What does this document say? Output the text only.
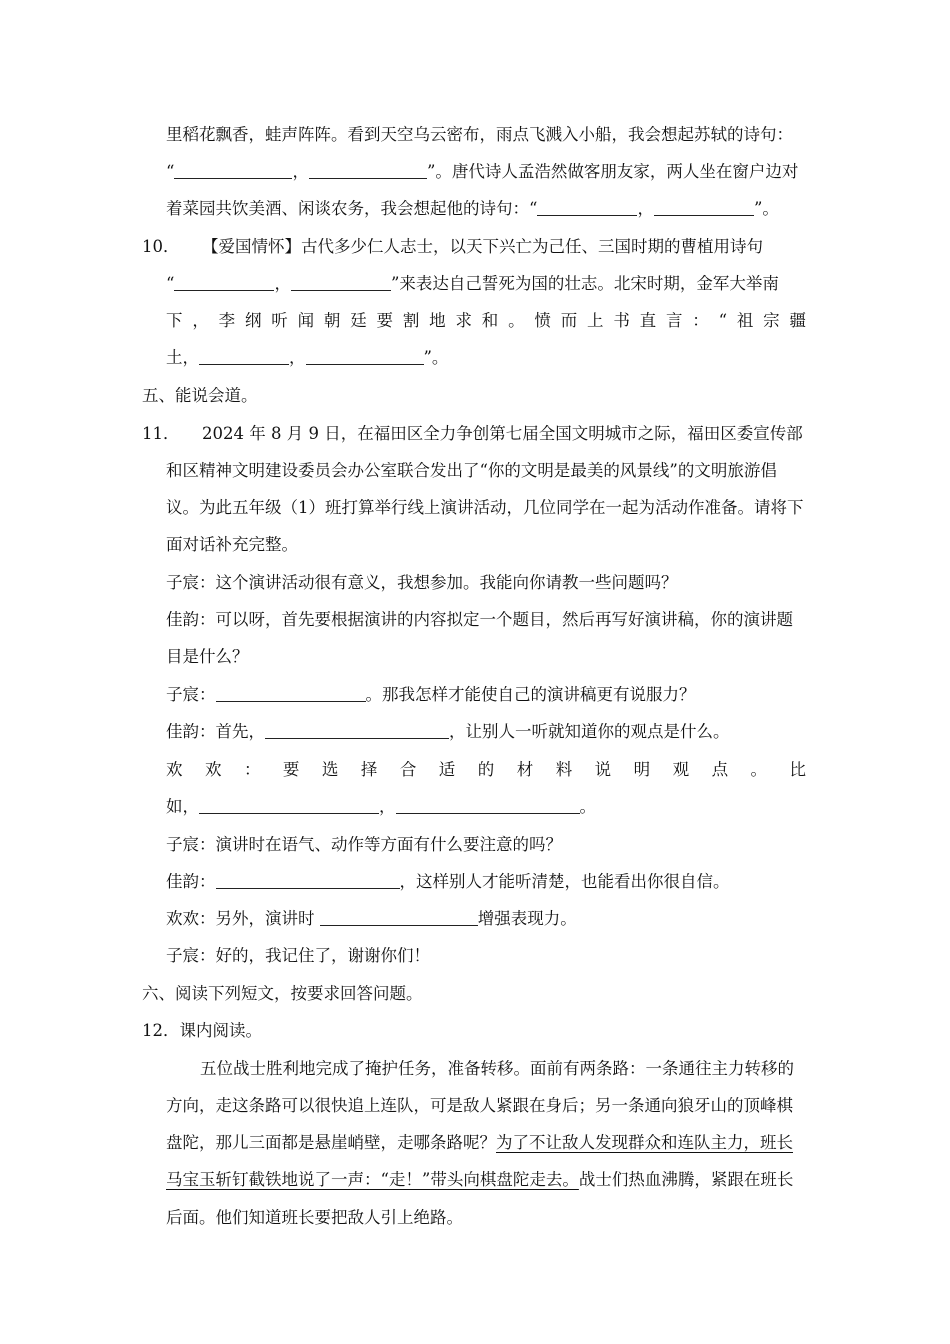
里稻花飘香，蛙声阵阵。看到天空乌云密布，雨点飞溅入小船，我会想起苏轼的诗句：
“	，	”。唐代诗人孟浩然做客朋友家，两人坐在窗户边对
着菜园共饮美酒、闲谈农务，我会想起他的诗句：“	，	”。
10． 【爱国情怀】古代多少仁人志士，以天下兴亡为己任、三国时期的曹植用诗句
“	，	”来表达自己誓死为国的壮志。北宋时期，金军大举南
下，李纲听闻朝廷要割地求和。愤而上书直言：“祖宗疆
土，	，	”。
五、能说会道。
11． 2024 年 8 月 9 日，在福田区全力争创第七届全国文明城市之际，福田区委宣传部
和区精神文明建设委员会办公室联合发出了“你的文明是最美的风景线”的文明旅游倡
议。为此五年级（1）班打算举行线上演讲活动，几位同学在一起为活动作准备。请将下
面对话补充完整。
子宸：这个演讲活动很有意义，我想参加。我能向你请教一些问题吗？
佳韵：可以呀，首先要根据演讲的内容拟定一个题目，然后再写好演讲稿，你的演讲题
目是什么？
子宸：	。那我怎样才能使自己的演讲稿更有说服力？
佳韵：首先，	，让别人一听就知道你的观点是什么。
欢欢：要选择合适的材料说明观点。比
如，	，	。
子宸：演讲时在语气、动作等方面有什么要注意的吗？
佳韵：	，这样别人才能听清楚，也能看出你很自信。
欢欢：另外，演讲时	增强表现力。
子宸：好的，我记住了，谢谢你们！
六、阅读下列短文，按要求回答问题。
12．课内阅读。
五位战士胜利地完成了掩护任务，准备转移。面前有两条路：一条通往主力转移的
方向，走这条路可以很快追上连队，可是敌人紧跟在身后；另一条通向狼牙山的顶峰棋
盘陀，那儿三面都是悬崖峭壁，走哪条路呢？为了不让敌人发现群众和连队主力，班长
马宝玉斩钉截铁地说了一声：“走！”带头向棋盘陀走去。战士们热血沸腾，紧跟在班长
后面。他们知道班长要把敌人引上绝路。
